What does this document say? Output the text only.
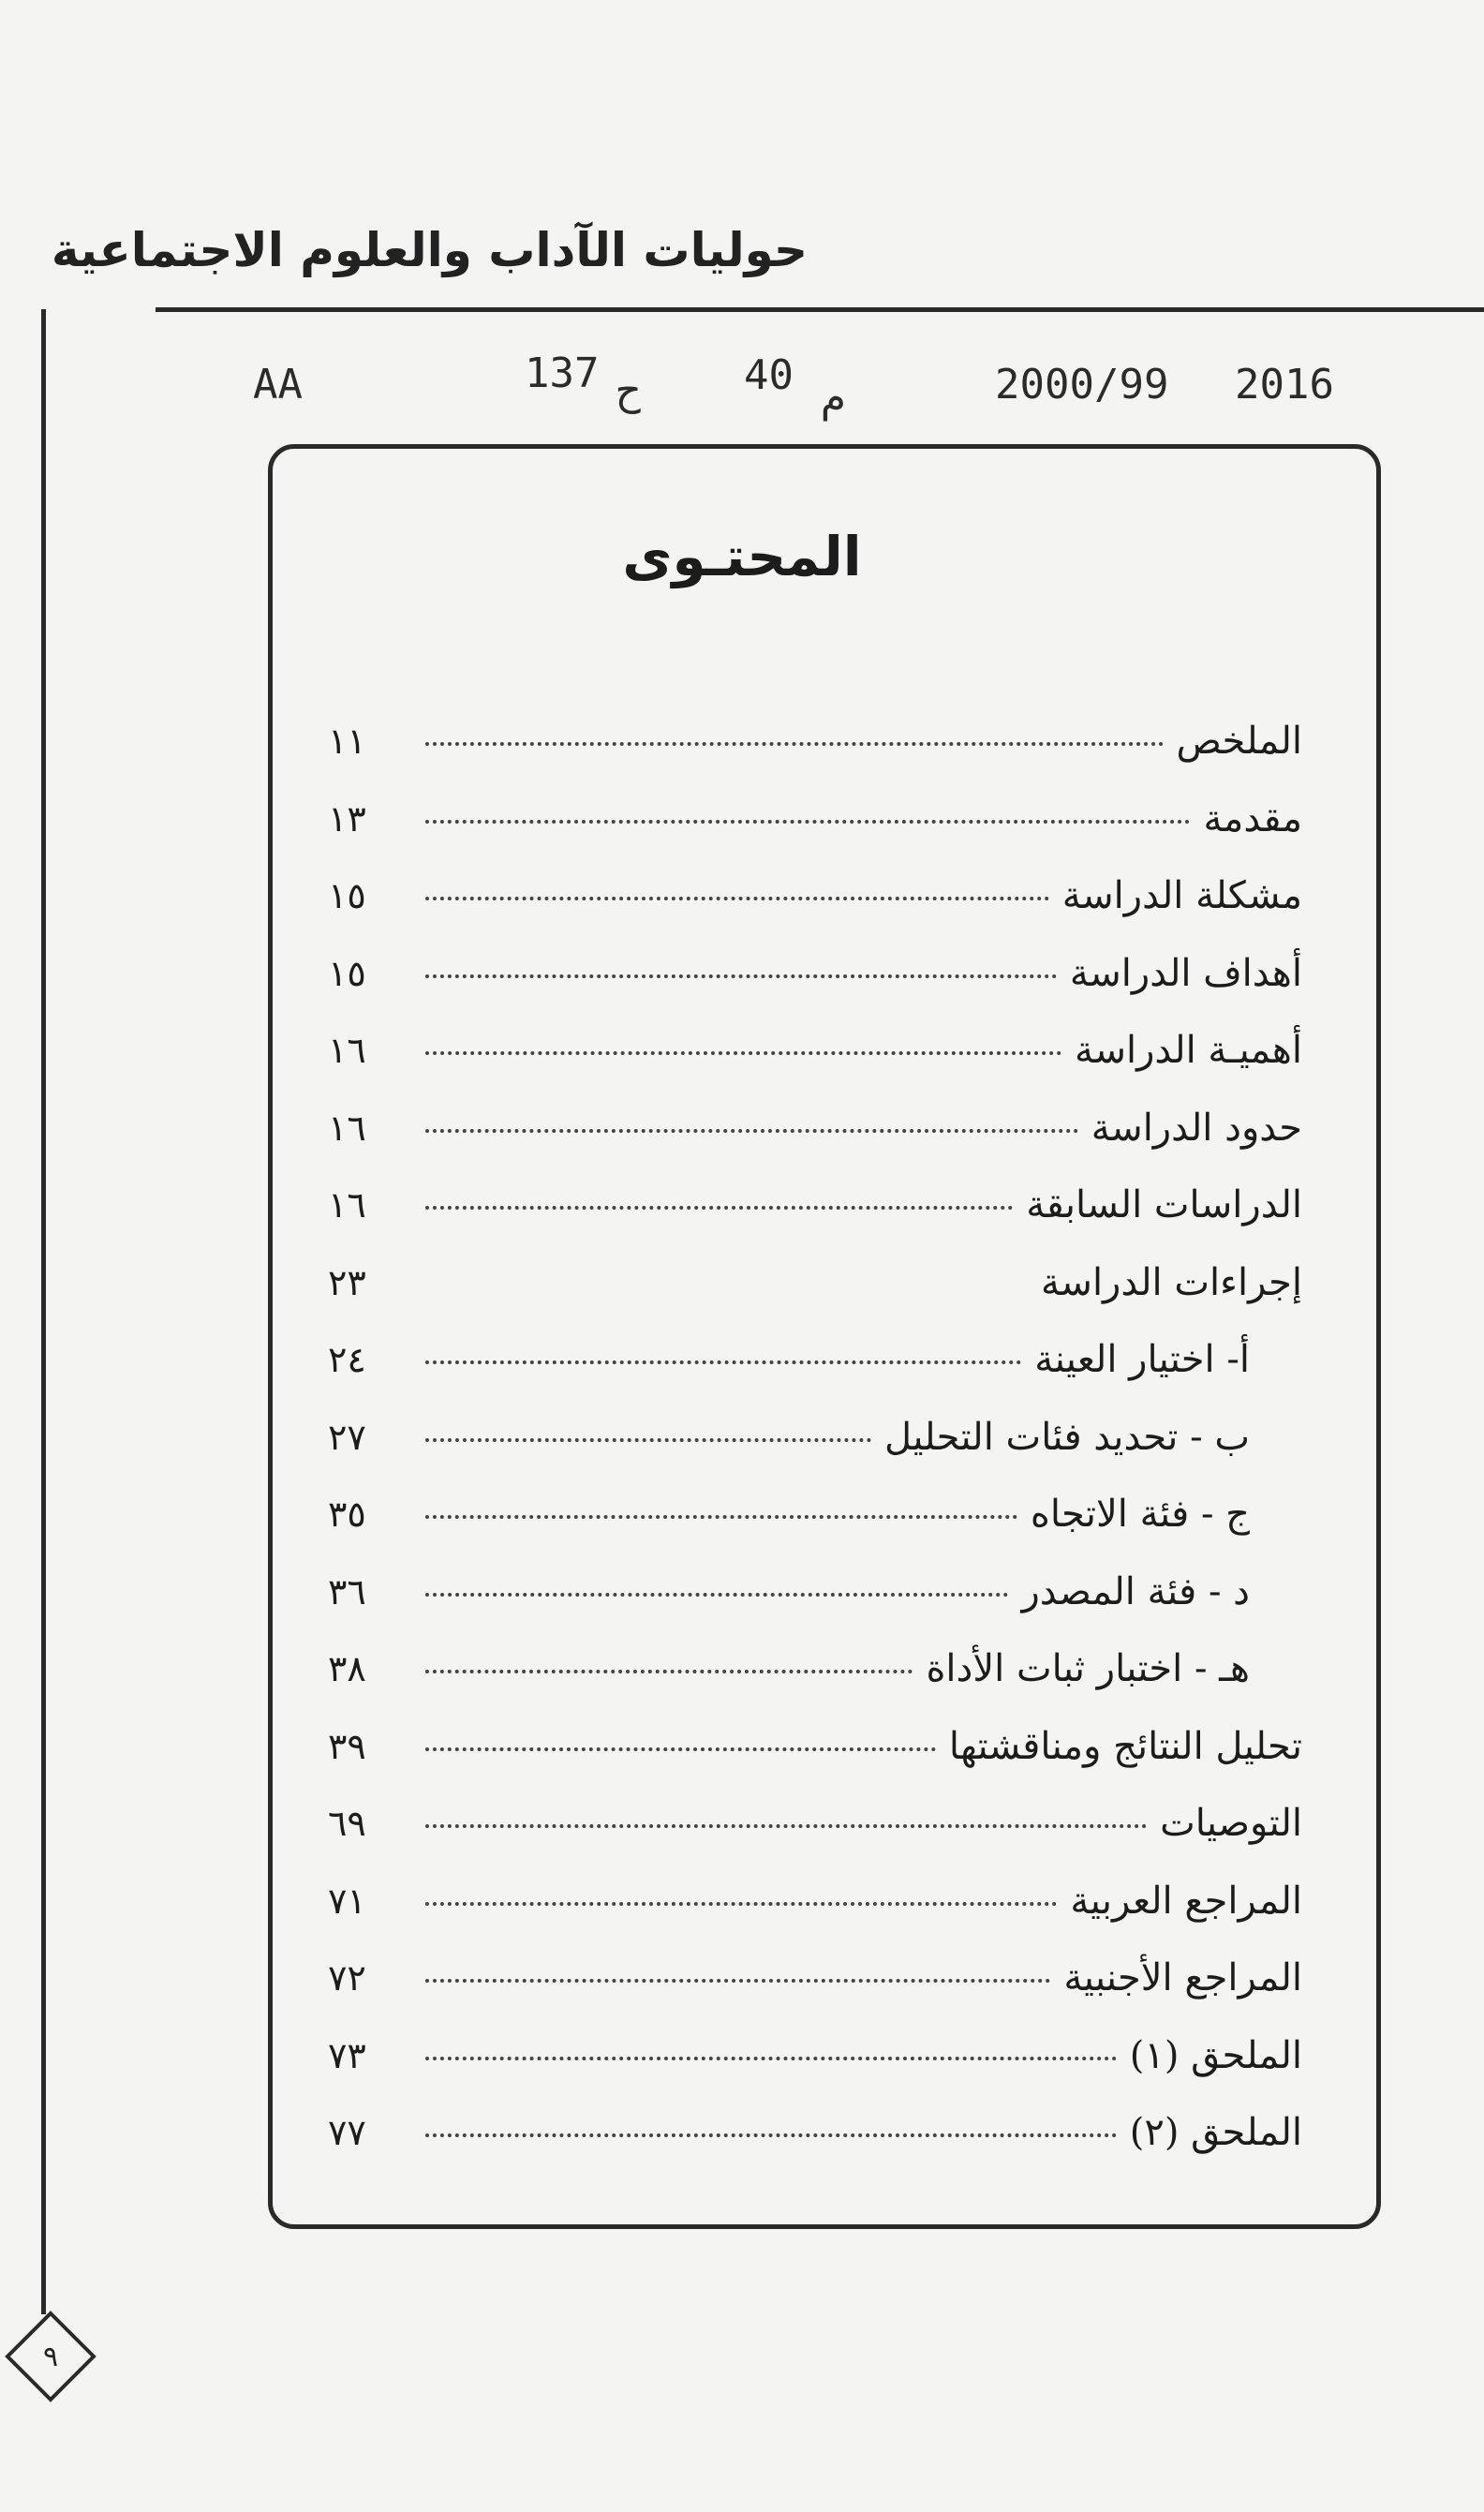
حوليات الآداب والعلوم الاجتماعية
٩
2016
2000/99
م
40
ح
137
AA
المحتـوى
الملخص
١١
مقدمة
١٣
مشكلة الدراسة
١٥
أهداف الدراسة
١٥
أهميـة الدراسة
١٦
حدود الدراسة
١٦
الدراسات السابقة
١٦
إجراءات الدراسة
٢٣
أ- اختيار العينة
٢٤
ب - تحديد فئات التحليل
٢٧
ج - فئة الاتجاه
٣٥
د - فئة المصدر
٣٦
هـ - اختبار ثبات الأداة
٣٨
تحليل النتائج ومناقشتها
٣٩
التوصيات
٦٩
المراجع العربية
٧١
المراجع الأجنبية
٧٢
الملحق (١)
٧٣
الملحق (٢)
٧٧
